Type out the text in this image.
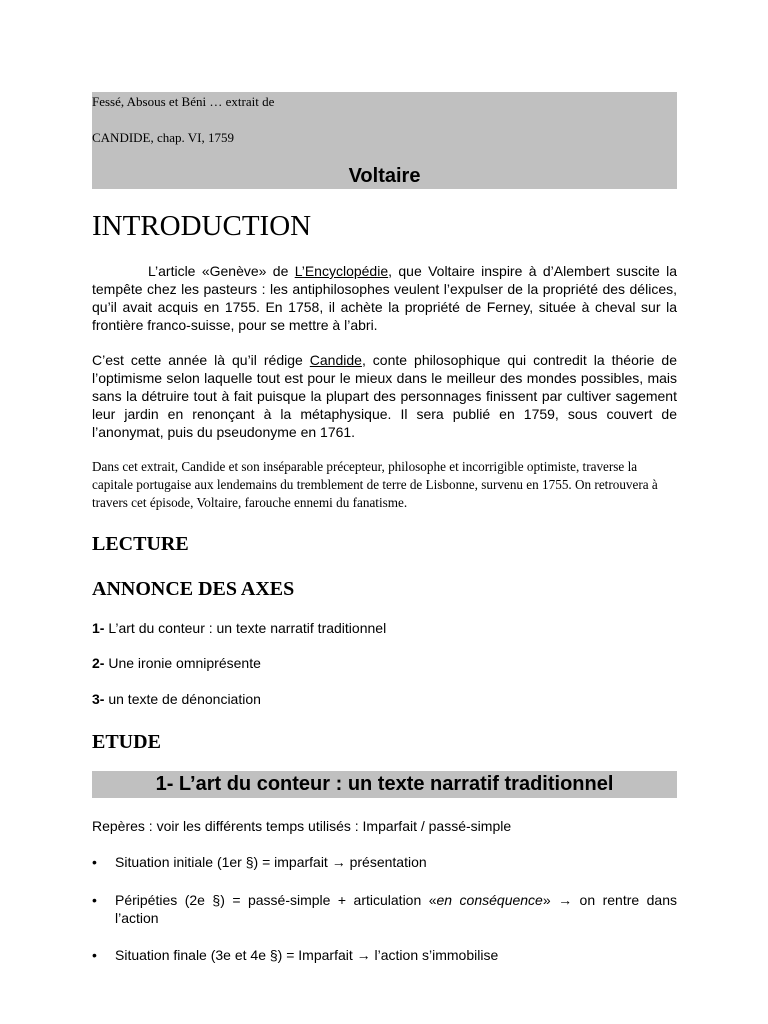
Fessé, Absous et Béni … extrait de
CANDIDE, chap. VI, 1759
Voltaire
INTRODUCTION

L’article «Genève» de L’Encyclopédie, que Voltaire inspire à d’Alembert suscite la tempête chez les pasteurs : les antiphilosophes veulent l’expulser de la propriété des délices, qu’il avait acquis en 1755. En 1758, il achète la propriété de Ferney, située à cheval sur la frontière franco-suisse, pour se mettre à l’abri.

C’est cette année là qu’il rédige Candide, conte philosophique qui contredit la théorie de l’optimisme selon laquelle tout est pour le mieux dans le meilleur des mondes possibles, mais sans la détruire tout à fait puisque la plupart des personnages finissent par cultiver sagement leur jardin en renonçant à la métaphysique. Il sera publié en 1759, sous couvert de l’anonymat, puis du pseudonyme en 1761.

Dans cet extrait, Candide et son inséparable précepteur, philosophe et incorrigible optimiste, traverse la capitale portugaise aux lendemains du tremblement de terre de Lisbonne, survenu en 1755. On retrouvera à travers cet épisode, Voltaire, farouche ennemi du fanatisme.

LECTURE
ANNONCE DES AXES
1- L’art du conteur : un texte narratif traditionnel
2- Une ironie omniprésente
3- un texte de dénonciation
ETUDE
1- L’art du conteur : un texte narratif traditionnel
Repères : voir les différents temps utilisés : Imparfait / passé-simple
•	Situation initiale (1er §) = imparfait → présentation
•	Péripéties (2e §) = passé-simple + articulation «en conséquence» → on rentre dans l’action
•	Situation finale (3e et 4e §) = Imparfait → l’action s’immobilise
